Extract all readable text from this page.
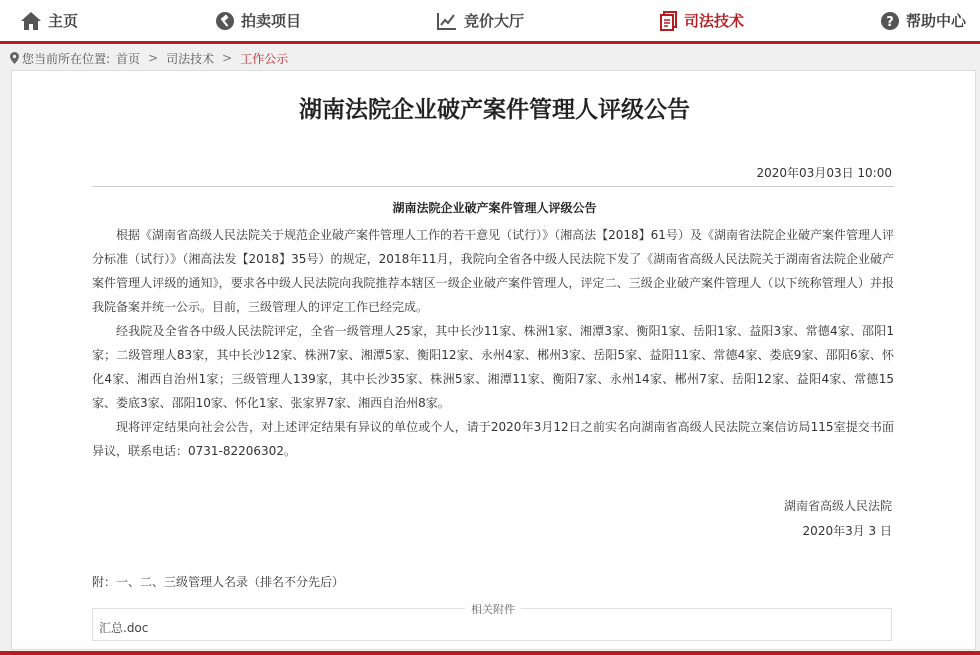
主页	拍卖项目	竞价大厅	司法技术	? 帮助中心
您当前所在位置: 首页 > 司法技术 > 工作公示
湖南法院企业破产案件管理人评级公告
2020年03月03日 10:00
湖南法院企业破产案件管理人评级公告

根据《湖南省高级人民法院关于规范企业破产案件管理人工作的若干意见（试行）》（湘高法【2018】61号）及《湖南省法院企业破产案件管理人评分标准（试行）》（湘高法发【2018】35号）的规定，2018年11月，我院向全省各中级人民法院下发了《湖南省高级人民法院关于湖南省法院企业破产案件管理人评级的通知》，要求各中级人民法院向我院推荐本辖区一级企业破产案件管理人，评定二、三级企业破产案件管理人（以下统称管理人）并报我院备案并统一公示。目前，三级管理人的评定工作已经完成。

经我院及全省各中级人民法院评定，全省一级管理人25家，其中长沙11家、株洲1家、湘潭3家、衡阳1家、岳阳1家、益阳3家、常德4家、邵阳1家；二级管理人83家，其中长沙12家、株洲7家、湘潭5家、衡阳12家、永州4家、郴州3家、岳阳5家、益阳11家、常德4家、娄底9家、邵阳6家、怀化4家、湘西自治州1家；三级管理人139家，其中长沙35家、株洲5家、湘潭11家、衡阳7家、永州14家、郴州7家、岳阳12家、益阳4家、常德15家、娄底3家、邵阳10家、怀化1家、张家界7家、湘西自治州8家。

现将评定结果向社会公告，对上述评定结果有异议的单位或个人，请于2020年3月12日之前实名向湖南省高级人民法院立案信访局115室提交书面异议，联系电话：0731-82206302。

湖南省高级人民法院
2020年3月 3 日
附：一、二、三级管理人名录（排名不分先后）
相关附件
汇总.doc
